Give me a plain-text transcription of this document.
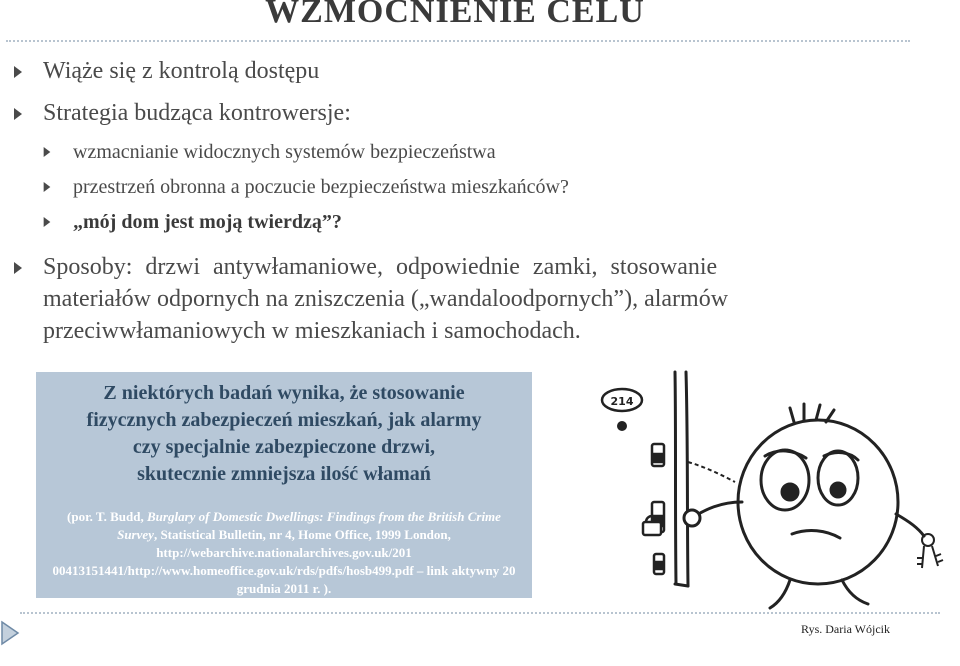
WZMOCNIENIE CELU
Wiąże się z kontrolą dostępu
Strategia budząca kontrowersje:
wzmacnianie widocznych systemów bezpieczeństwa
przestrzeń obronna a poczucie bezpieczeństwa mieszkańców?
„mój dom jest moją twierdzą”?
Sposoby: drzwi antywłamaniowe, odpowiednie zamki, stosowanie
materiałów odpornych na zniszczenia („wandaloodpornych”), alarmów
przeciwwłamaniowych w mieszkaniach i samochodach.
Z niektórych badań wynika, że stosowanie
fizycznych zabezpieczeń mieszkań, jak alarmy
czy specjalnie zabezpieczone drzwi,
skutecznie zmniejsza ilość włamań
(por. T. Budd, Burglary of Domestic Dwellings: Findings from the British Crime Survey, Statistical Bulletin, nr 4, Home Office, 1999 London, http://webarchive.nationalarchives.gov.uk/201 00413151441/http://www.homeoffice.gov.uk/rds/pdfs/hosb499.pdf – link aktywny 20 grudnia 2011 r. ).
214
Rys. Daria Wójcik
